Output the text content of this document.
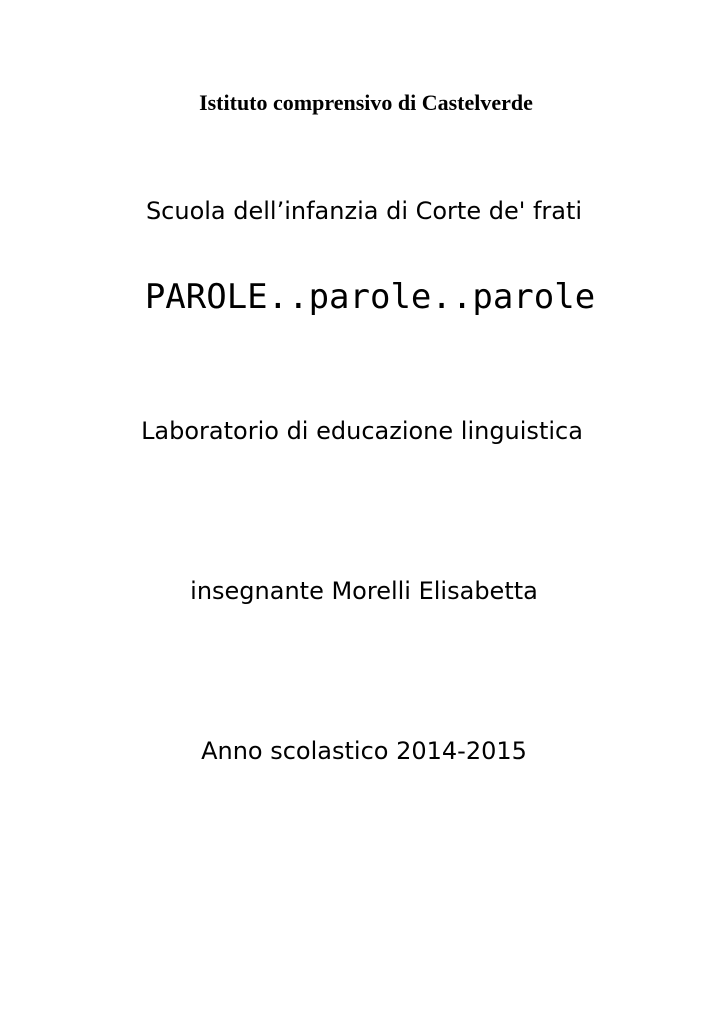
Istituto comprensivo di Castelverde

Scuola dell’infanzia di Corte de' frati

PAROLE..parole..parole

Laboratorio di educazione linguistica

insegnante Morelli Elisabetta

Anno scolastico 2014-2015
